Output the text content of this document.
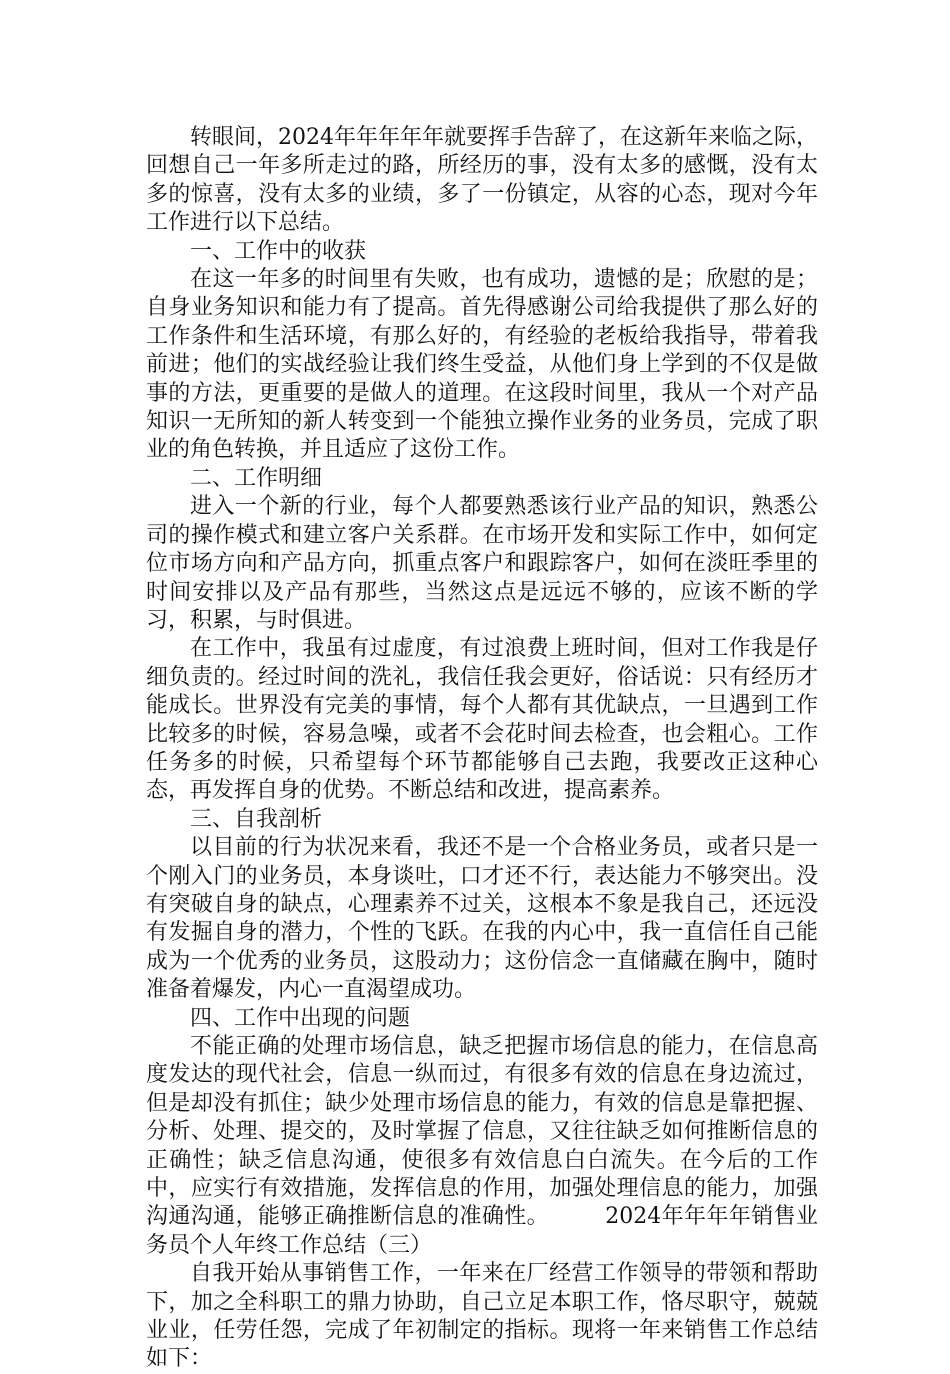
转眼间，2024年年年年年就要挥手告辞了，在这新年来临之际，回想自己一年多所走过的路，所经历的事，没有太多的感慨，没有太多的惊喜，没有太多的业绩，多了一份镇定，从容的心态，现对今年工作进行以下总结。

一、工作中的收获

在这一年多的时间里有失败，也有成功，遗憾的是；欣慰的是；自身业务知识和能力有了提高。首先得感谢公司给我提供了那么好的工作条件和生活环境，有那么好的，有经验的老板给我指导，带着我前进；他们的实战经验让我们终生受益，从他们身上学到的不仅是做事的方法，更重要的是做人的道理。在这段时间里，我从一个对产品知识一无所知的新人转变到一个能独立操作业务的业务员，完成了职业的角色转换，并且适应了这份工作。

二、工作明细

进入一个新的行业，每个人都要熟悉该行业产品的知识，熟悉公司的操作模式和建立客户关系群。在市场开发和实际工作中，如何定位市场方向和产品方向，抓重点客户和跟踪客户，如何在淡旺季里的时间安排以及产品有那些，当然这点是远远不够的，应该不断的学习，积累，与时俱进。

在工作中，我虽有过虚度，有过浪费上班时间，但对工作我是仔细负责的。经过时间的洗礼，我信任我会更好，俗话说：只有经历才能成长。世界没有完美的事情，每个人都有其优缺点，一旦遇到工作比较多的时候，容易急噪，或者不会花时间去检查，也会粗心。工作任务多的时候，只希望每个环节都能够自己去跑，我要改正这种心态，再发挥自身的优势。不断总结和改进，提高素养。

三、自我剖析

以目前的行为状况来看，我还不是一个合格业务员，或者只是一个刚入门的业务员，本身谈吐，口才还不行，表达能力不够突出。没有突破自身的缺点，心理素养不过关，这根本不象是我自己，还远没有发掘自身的潜力，个性的飞跃。在我的内心中，我一直信任自己能成为一个优秀的业务员，这股动力；这份信念一直储藏在胸中，随时准备着爆发，内心一直渴望成功。

四、工作中出现的问题

不能正确的处理市场信息，缺乏把握市场信息的能力，在信息高度发达的现代社会，信息一纵而过，有很多有效的信息在身边流过，但是却没有抓住；缺少处理市场信息的能力，有效的信息是靠把握、分析、处理、提交的，及时掌握了信息，又往往缺乏如何推断信息的正确性；缺乏信息沟通，使很多有效信息白白流失。在今后的工作中，应实行有效措施，发挥信息的作用，加强处理信息的能力，加强沟通沟通，能够正确推断信息的准确性。　　　2024年年年年销售业务员个人年终工作总结（三）

自我开始从事销售工作，一年来在厂经营工作领导的带领和帮助下，加之全科职工的鼎力协助，自己立足本职工作，恪尽职守，兢兢业业，任劳任怨，完成了年初制定的指标。现将一年来销售工作总结如下：
